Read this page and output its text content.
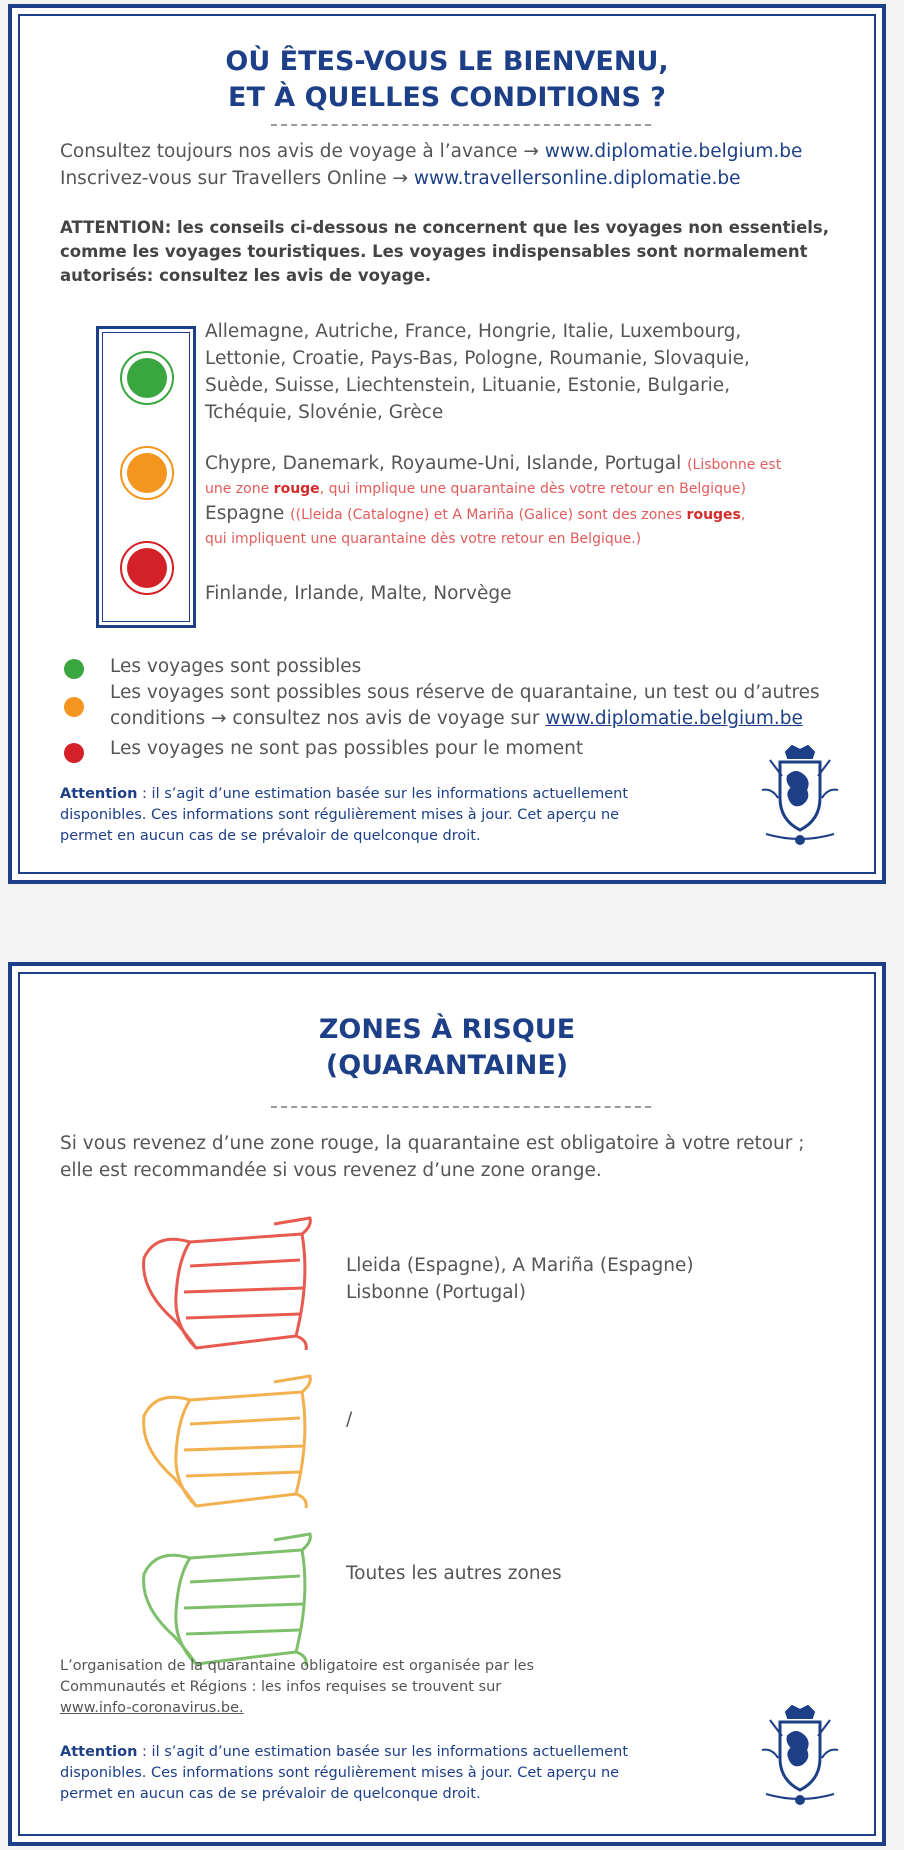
OÙ ÊTES-VOUS LE BIENVENU,
ET À QUELLES CONDITIONS ?
Consultez toujours nos avis de voyage à l’avance → www.diplomatie.belgium.be
Inscrivez-vous sur Travellers Online → www.travellersonline.diplomatie.be
ATTENTION: les conseils ci-dessous ne concernent que les voyages non essentiels,
comme les voyages touristiques. Les voyages indispensables sont normalement
autorisés: consultez les avis de voyage.
Allemagne, Autriche, France, Hongrie, Italie, Luxembourg,
Lettonie, Croatie, Pays-Bas, Pologne, Roumanie, Slovaquie,
Suède, Suisse, Liechtenstein, Lituanie, Estonie, Bulgarie,
Tchéquie, Slovénie, Grèce
Chypre, Danemark, Royaume-Uni, Islande, Portugal (Lisbonne est
une zone rouge, qui implique une quarantaine dès votre retour en Belgique)
Espagne ((Lleida (Catalogne) et A Mariña (Galice) sont des zones rouges,
qui impliquent une quarantaine dès votre retour en Belgique.)
Finlande, Irlande, Malte, Norvège
Les voyages sont possibles
Les voyages sont possibles sous réserve de quarantaine, un test ou d’autres
conditions → consultez nos avis de voyage sur www.diplomatie.belgium.be
Les voyages ne sont pas possibles pour le moment
Attention : il s’agit d’une estimation basée sur les informations actuellement
disponibles. Ces informations sont régulièrement mises à jour. Cet aperçu ne
permet en aucun cas de se prévaloir de quelconque droit.
ZONES À RISQUE
(QUARANTAINE)
Si vous revenez d’une zone rouge, la quarantaine est obligatoire à votre retour ;
elle est recommandée si vous revenez d’une zone orange.
Lleida (Espagne), A Mariña (Espagne)
Lisbonne (Portugal)
/
Toutes les autres zones
L’organisation de la quarantaine obligatoire est organisée par les
Communautés et Régions : les infos requises se trouvent sur
www.info-coronavirus.be.
Attention : il s’agit d’une estimation basée sur les informations actuellement
disponibles. Ces informations sont régulièrement mises à jour. Cet aperçu ne
permet en aucun cas de se prévaloir de quelconque droit.
